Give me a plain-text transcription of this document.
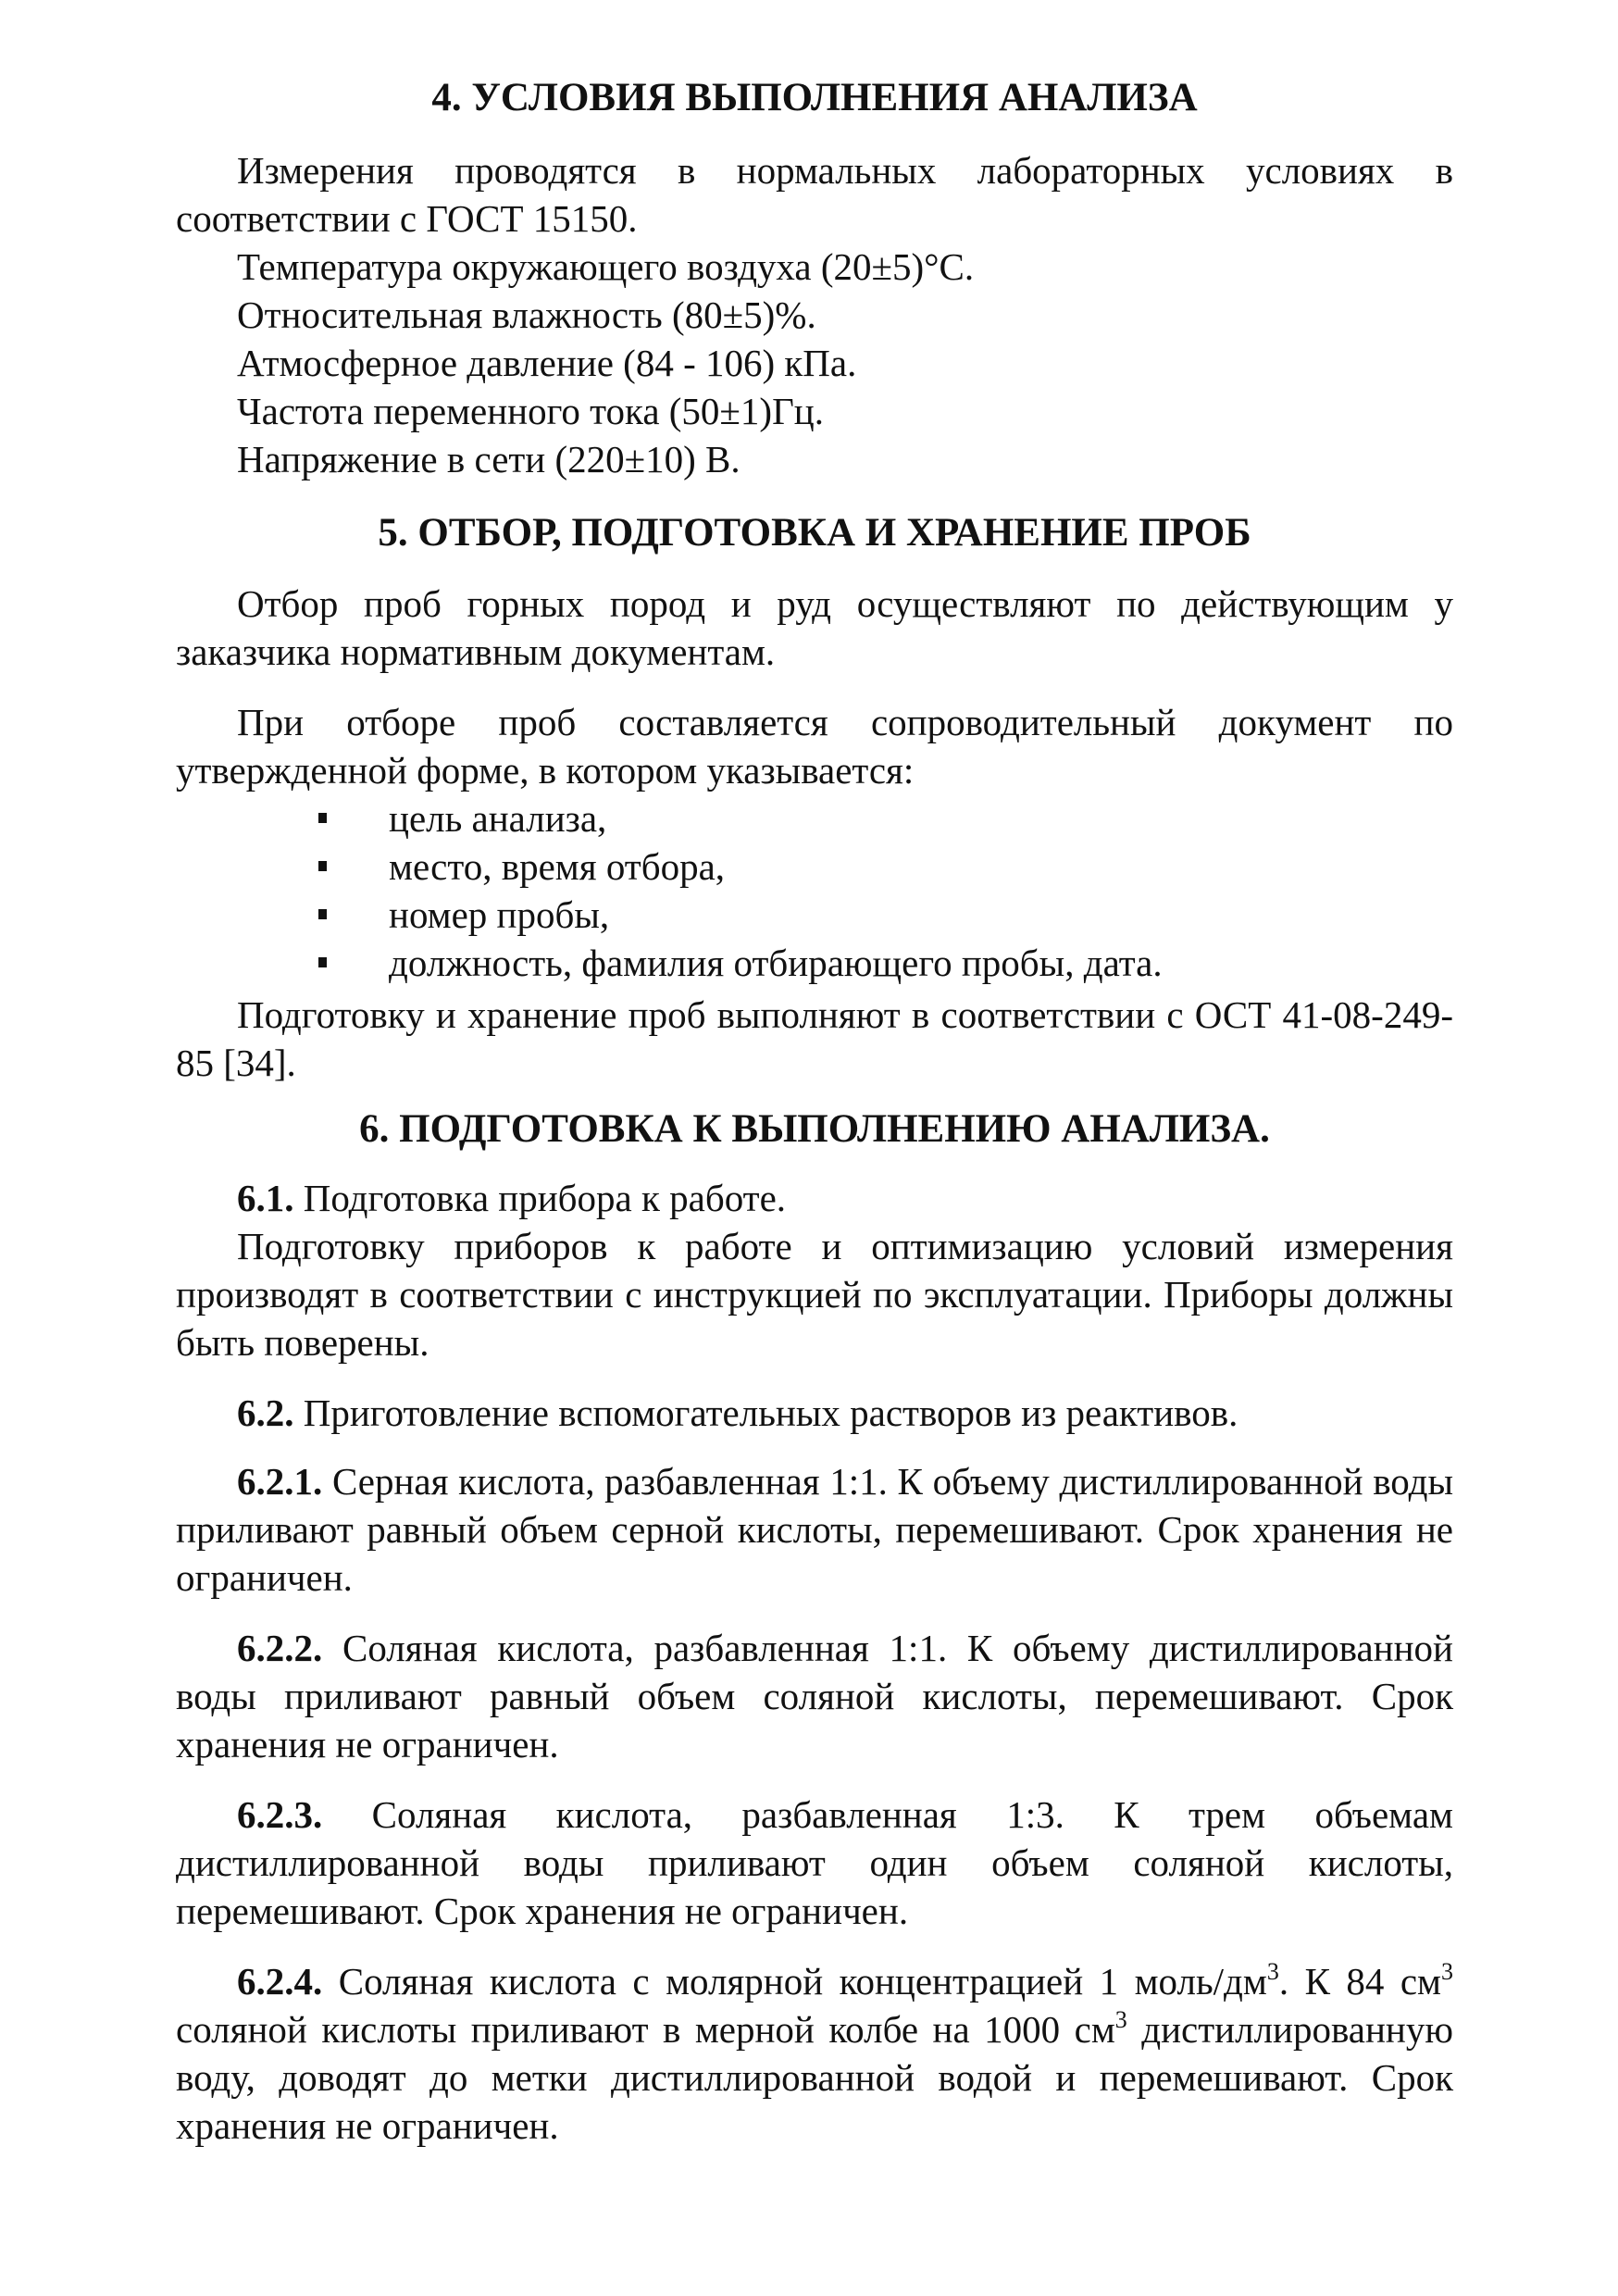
4. УСЛОВИЯ ВЫПОЛНЕНИЯ АНАЛИЗА

Измерения проводятся в нормальных лабораторных условиях в соответствии с ГОСТ 15150.

Температура окружающего воздуха (20±5)°С.
Относительная влажность (80±5)%.
Атмосферное давление (84 - 106) кПа.
Частота переменного тока (50±1)Гц.
Напряжение в сети (220±10) В.
5. ОТБОР, ПОДГОТОВКА И ХРАНЕНИЕ ПРОБ

Отбор проб горных пород и руд осуществляют по действующим у заказчика нормативным документам.

При отборе проб составляется сопроводительный документ по утвержденной форме, в котором указывается:

цель анализа,
место, время отбора,
номер пробы,
должность, фамилия отбирающего пробы, дата.

Подготовку и хранение проб выполняют в соответствии с ОСТ 41-08-249-85 [34].

6. ПОДГОТОВКА К ВЫПОЛНЕНИЮ АНАЛИЗА.
6.1. Подготовка прибора к работе.

Подготовку приборов к работе и оптимизацию условий измерения производят в соответствии с инструкцией по эксплуатации. Приборы должны быть поверены.

6.2. Приготовление вспомогательных растворов из реактивов.

6.2.1. Серная кислота, разбавленная 1:1. К объему дистиллированной воды приливают равный объем серной кислоты, перемешивают. Срок хранения не ограничен.

6.2.2. Соляная кислота, разбавленная 1:1. К объему дистиллированной воды приливают равный объем соляной кислоты, перемешивают. Срок хранения не ограничен.

6.2.3. Соляная кислота, разбавленная 1:3. К трем объемам дистиллированной воды приливают один объем соляной кислоты, перемешивают. Срок хранения не ограничен.

6.2.4. Соляная кислота с молярной концентрацией 1 моль/$дм^3$. К 84 $см^3$ соляной кислоты приливают в мерной колбе на 1000 $см^3$ дистиллированную воду, доводят до метки дистиллированной водой и перемешивают. Срок хранения не ограничен.
